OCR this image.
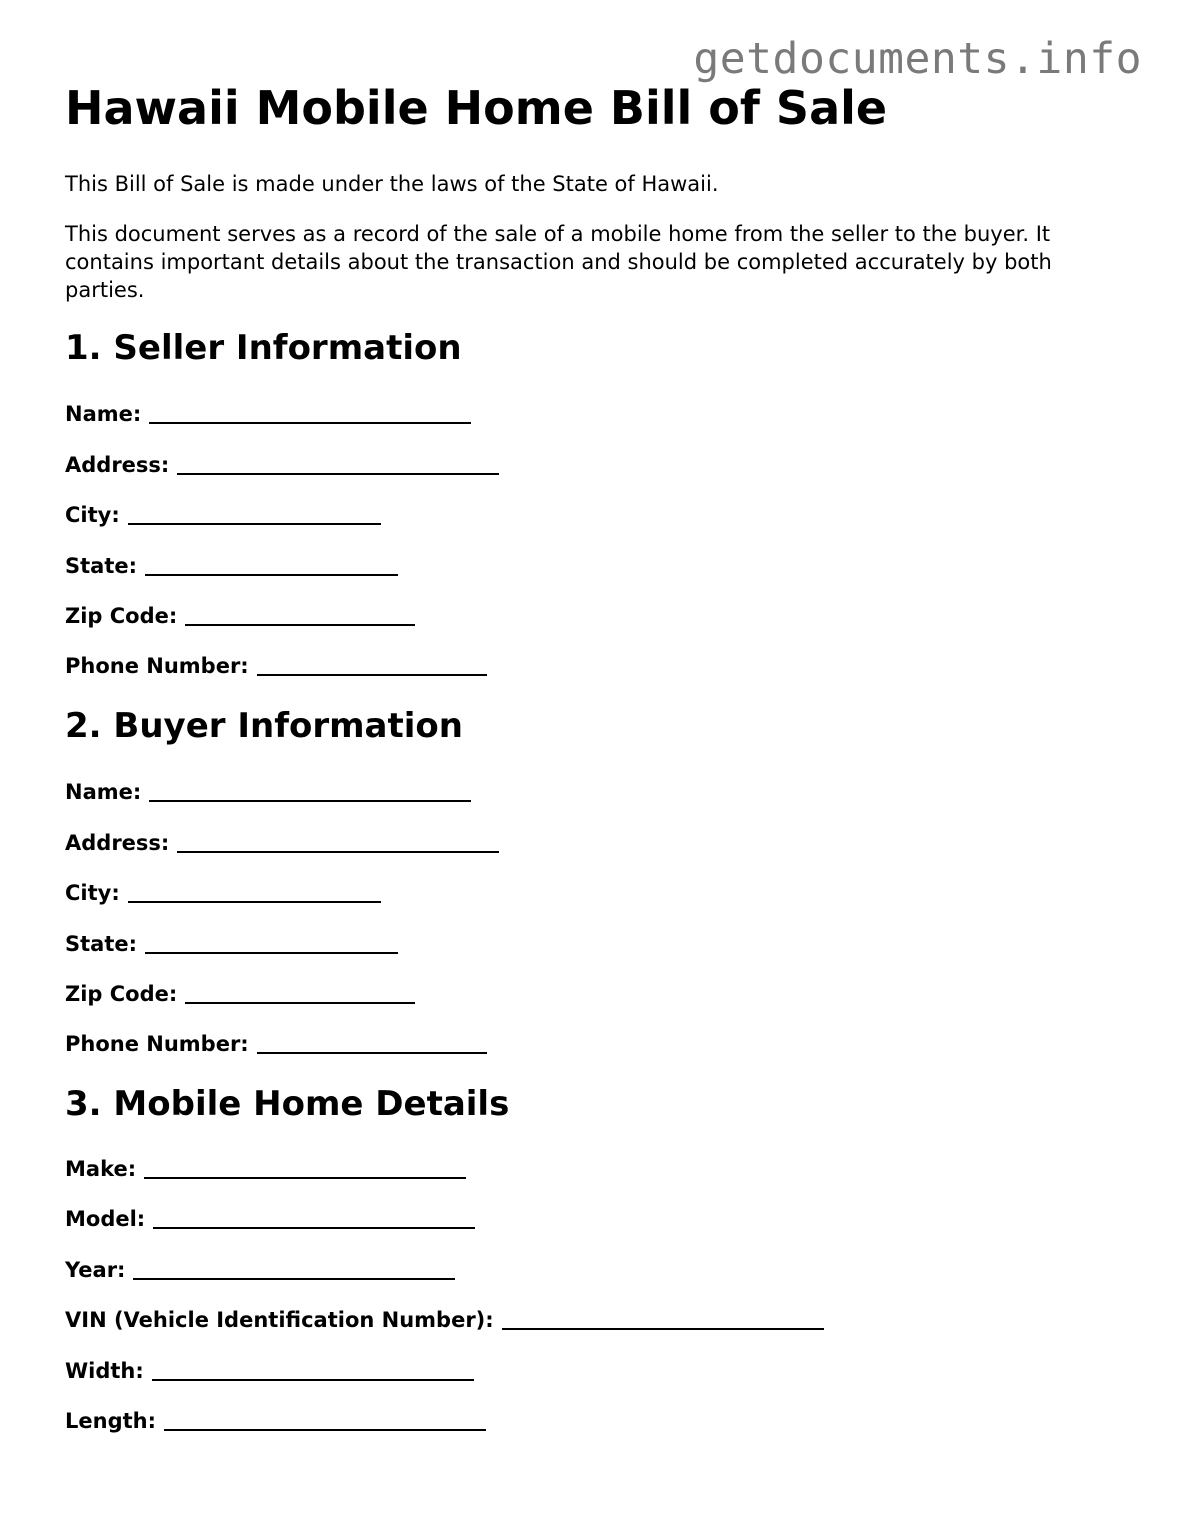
getdocuments.info
Hawaii Mobile Home Bill of Sale

This Bill of Sale is made under the laws of the State of Hawaii.

This document serves as a record of the sale of a mobile home from the seller to the buyer. It contains important details about the transaction and should be completed accurately by both parties.

1. Seller Information
Name:
Address:
City:
State:
Zip Code:
Phone Number:
2. Buyer Information
Name:
Address:
City:
State:
Zip Code:
Phone Number:
3. Mobile Home Details
Make:
Model:
Year:
VIN (Vehicle Identification Number):
Width:
Length:
